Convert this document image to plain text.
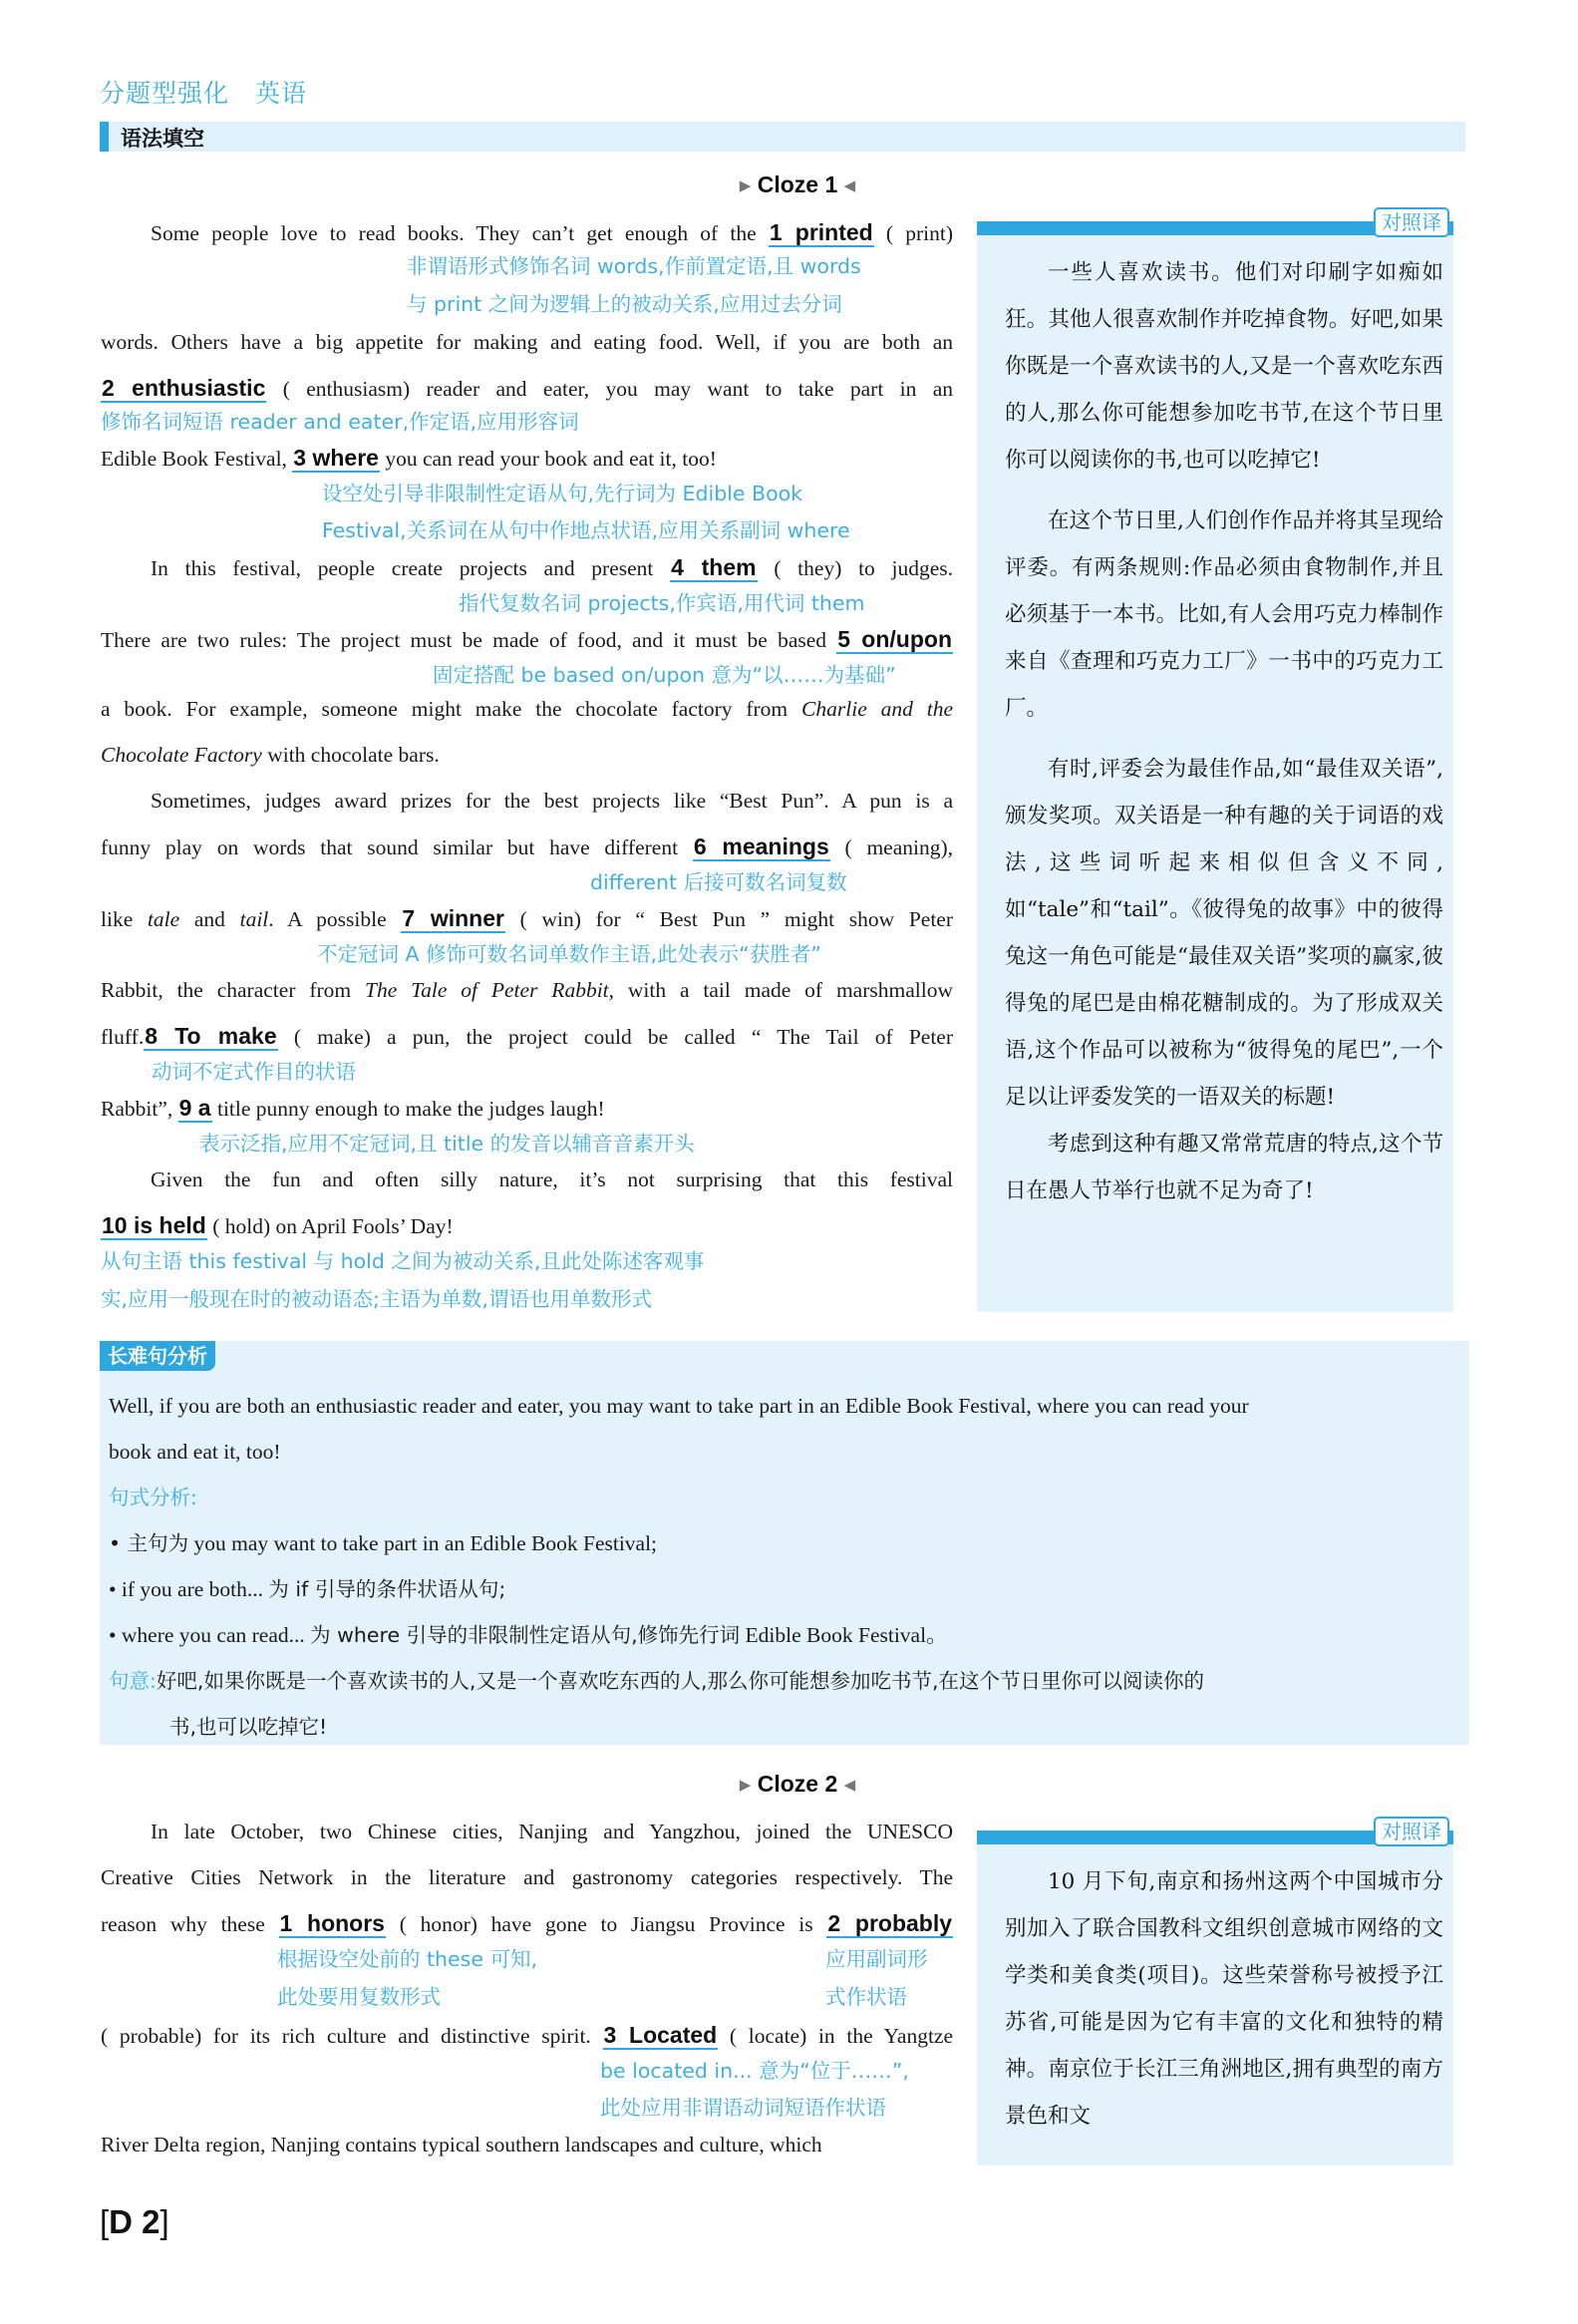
分题型强化 英语
语法填空
▶ Cloze 1 ◀
Some people love to read books. They can’t get enough of the 1 printed ( print)
非谓语形式修饰名词 words,作前置定语,且 words
与 print 之间为逻辑上的被动关系,应用过去分词
words. Others have a big appetite for making and eating food. Well, if you are both an
2 enthusiastic ( enthusiasm) reader and eater, you may want to take part in an
修饰名词短语 reader and eater,作定语,应用形容词
Edible Book Festival, 3 where you can read your book and eat it, too!
设空处引导非限制性定语从句,先行词为 Edible Book
Festival,关系词在从句中作地点状语,应用关系副词 where
In this festival, people create projects and present 4 them ( they) to judges.
指代复数名词 projects,作宾语,用代词 them
There are two rules: The project must be made of food, and it must be based 5 on/upon
固定搭配 be based on/upon 意为“以……为基础”
a book. For example, someone might make the chocolate factory from Charlie and the
Chocolate Factory with chocolate bars.
Sometimes, judges award prizes for the best projects like “Best Pun”. A pun is a
funny play on words that sound similar but have different 6 meanings ( meaning),
different 后接可数名词复数
like tale and tail. A possible 7 winner ( win) for “ Best Pun ” might show Peter
不定冠词 A 修饰可数名词单数作主语,此处表示“获胜者”
Rabbit, the character from The Tale of Peter Rabbit, with a tail made of marshmallow
fluff.8 To make ( make) a pun, the project could be called “ The Tail of Peter
动词不定式作目的状语
Rabbit”, 9 a title punny enough to make the judges laugh!
表示泛指,应用不定冠词,且 title 的发音以辅音音素开头
Given the fun and often silly nature, it’s not surprising that this festival
10 is held ( hold) on April Fools’ Day!
从句主语 this festival 与 hold 之间为被动关系,且此处陈述客观事
实,应用一般现在时的被动语态;主语为单数,谓语也用单数形式
对照译

一些人喜欢读书。他们对印刷字如痴如狂。其他人很喜欢制作并吃掉食物。好吧,如果你既是一个喜欢读书的人,又是一个喜欢吃东西的人,那么你可能想参加吃书节,在这个节日里你可以阅读你的书,也可以吃掉它!

在这个节日里,人们创作作品并将其呈现给评委。有两条规则:作品必须由食物制作,并且必须基于一本书。比如,有人会用巧克力棒制作来自《查理和巧克力工厂》一书中的巧克力工厂。

有时,评委会为最佳作品,如“最佳双关语”,颁发奖项。双关语是一种有趣的关于词语的戏法,这些词听起来相似但含义不同,如“tale”和“tail”。《彼得兔的故事》中的彼得兔这一角色可能是“最佳双关语”奖项的赢家,彼得兔的尾巴是由棉花糖制成的。为了形成双关语,这个作品可以被称为“彼得兔的尾巴”,一个足以让评委发笑的一语双关的标题!

考虑到这种有趣又常常荒唐的特点,这个节日在愚人节举行也就不足为奇了!

长难句分析
Well, if you are both an enthusiastic reader and eater, you may want to take part in an Edible Book Festival, where you can read your
book and eat it, too!
句式分析:
• 主句为 you may want to take part in an Edible Book Festival;
• if you are both... 为 if 引导的条件状语从句;
• where you can read... 为 where 引导的非限制性定语从句,修饰先行词 Edible Book Festival。
句意:好吧,如果你既是一个喜欢读书的人,又是一个喜欢吃东西的人,那么你可能想参加吃书节,在这个节日里你可以阅读你的
书,也可以吃掉它!
▶ Cloze 2 ◀
In late October, two Chinese cities, Nanjing and Yangzhou, joined the UNESCO
Creative Cities Network in the literature and gastronomy categories respectively. The
reason why these 1 honors ( honor) have gone to Jiangsu Province is 2 probably
根据设空处前的 these 可知,
此处要用复数形式
应用副词形
式作状语
( probable) for its rich culture and distinctive spirit. 3 Located ( locate) in the Yangtze
be located in... 意为“位于……”,
此处应用非谓语动词短语作状语
River Delta region, Nanjing contains typical southern landscapes and culture, which
对照译

10 月下旬,南京和扬州这两个中国城市分别加入了联合国教科文组织创意城市网络的文学类和美食类(项目)。这些荣誉称号被授予江苏省,可能是因为它有丰富的文化和独特的精神。南京位于长江三角洲地区,拥有典型的南方景色和文

[D 2]
